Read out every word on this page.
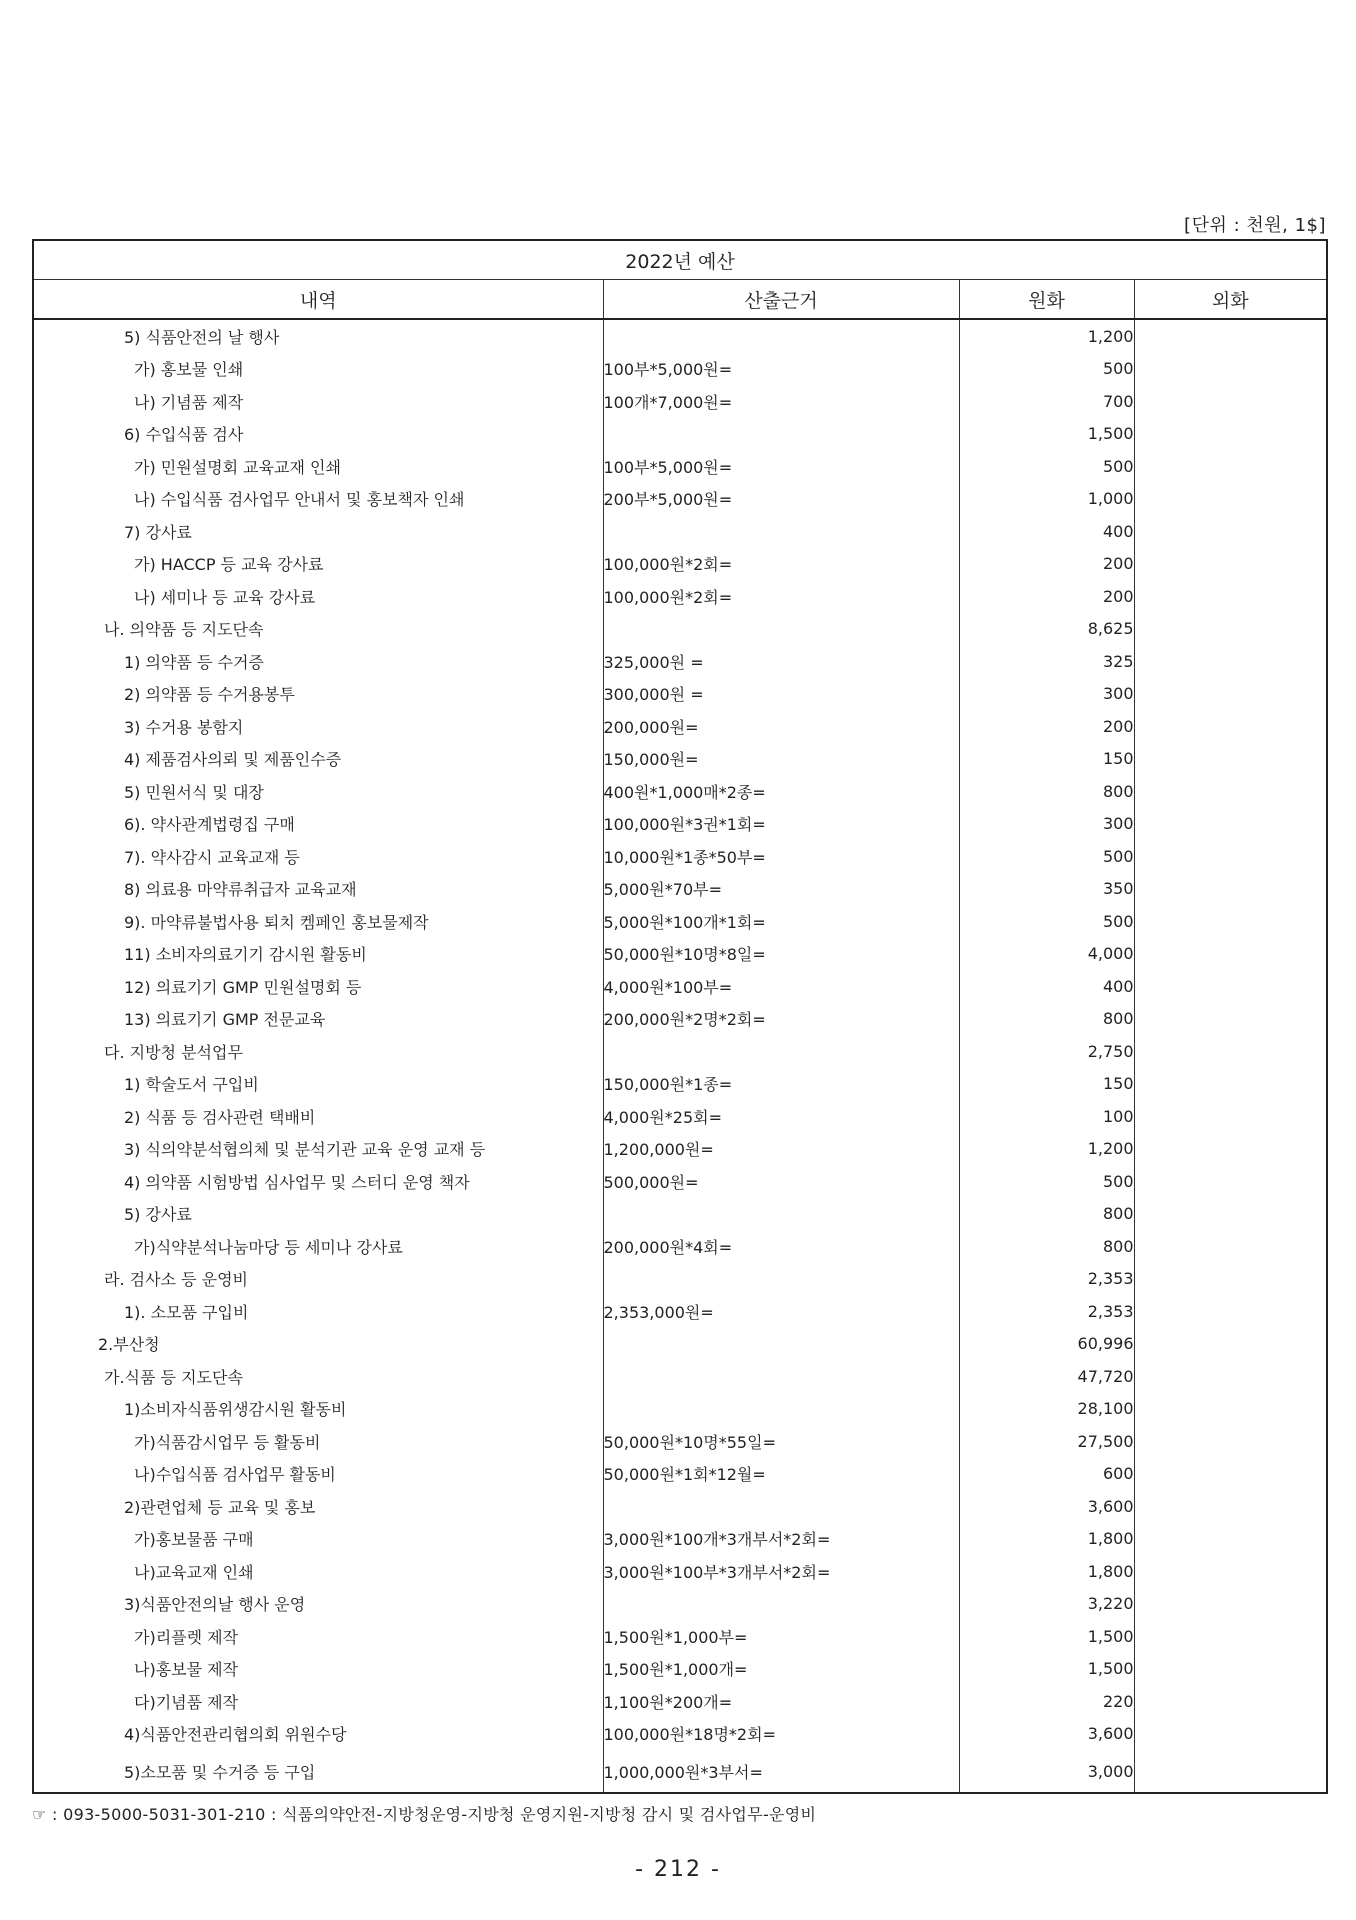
[단위 : 천원, 1$]
2022년 예산			
내역	산출근거	원화	외화
5) 식품안전의 날 행사		1,200	
가) 홍보물 인쇄	100부*5,000원=	500	
나) 기념품 제작	100개*7,000원=	700	
6) 수입식품 검사		1,500	
가) 민원설명회 교육교재 인쇄	100부*5,000원=	500	
나) 수입식품 검사업무 안내서 및 홍보책자 인쇄	200부*5,000원=	1,000	
7) 강사료		400	
가) HACCP 등 교육 강사료	100,000원*2회=	200	
나) 세미나 등 교육 강사료	100,000원*2회=	200	
나. 의약품 등 지도단속		8,625	
1) 의약품 등 수거증	325,000원 =	325	
2) 의약품 등 수거용봉투	300,000원 =	300	
3) 수거용 봉함지	200,000원=	200	
4) 제품검사의뢰 및 제품인수증	150,000원=	150	
5) 민원서식 및 대장	400원*1,000매*2종=	800	
6). 약사관계법령집 구매	100,000원*3권*1회=	300	
7). 약사감시 교육교재 등	10,000원*1종*50부=	500	
8) 의료용 마약류취급자 교육교재	5,000원*70부=	350	
9). 마약류불법사용 퇴치 켐페인 홍보물제작	5,000원*100개*1회=	500	
11) 소비자의료기기 감시원 활동비	50,000원*10명*8일=	4,000	
12) 의료기기 GMP 민원설명회 등	4,000원*100부=	400	
13) 의료기기 GMP 전문교육	200,000원*2명*2회=	800	
다. 지방청 분석업무		2,750	
1) 학술도서 구입비	150,000원*1종=	150	
2) 식품 등 검사관련 택배비	4,000원*25회=	100	
3) 식의약분석협의체 및 분석기관 교육 운영 교재 등	1,200,000원=	1,200	
4) 의약품 시험방법 심사업무 및 스터디 운영 책자	500,000원=	500	
5) 강사료		800	
가)식약분석나눔마당 등 세미나 강사료	200,000원*4회=	800	
라. 검사소 등 운영비		2,353	
1). 소모품 구입비	2,353,000원=	2,353	
2.부산청		60,996	
가.식품 등 지도단속		47,720	
1)소비자식품위생감시원 활동비		28,100	
가)식품감시업무 등 활동비	50,000원*10명*55일=	27,500	
나)수입식품 검사업무 활동비	50,000원*1회*12월=	600	
2)관련업체 등 교육 및 홍보		3,600	
가)홍보물품 구매	3,000원*100개*3개부서*2회=	1,800	
나)교육교재 인쇄	3,000원*100부*3개부서*2회=	1,800	
3)식품안전의날 행사 운영		3,220	
가)리플렛 제작	1,500원*1,000부=	1,500	
나)홍보물 제작	1,500원*1,000개=	1,500	
다)기념품 제작	1,100원*200개=	220	
4)식품안전관리협의회 위원수당	100,000원*18명*2회=	3,600	
5)소모품 및 수거증 등 구입	1,000,000원*3부서=	3,000	
☞ : 093-5000-5031-301-210 : 식품의약안전-지방청운영-지방청 운영지원-지방청 감시 및 검사업무-운영비
- 212 -
